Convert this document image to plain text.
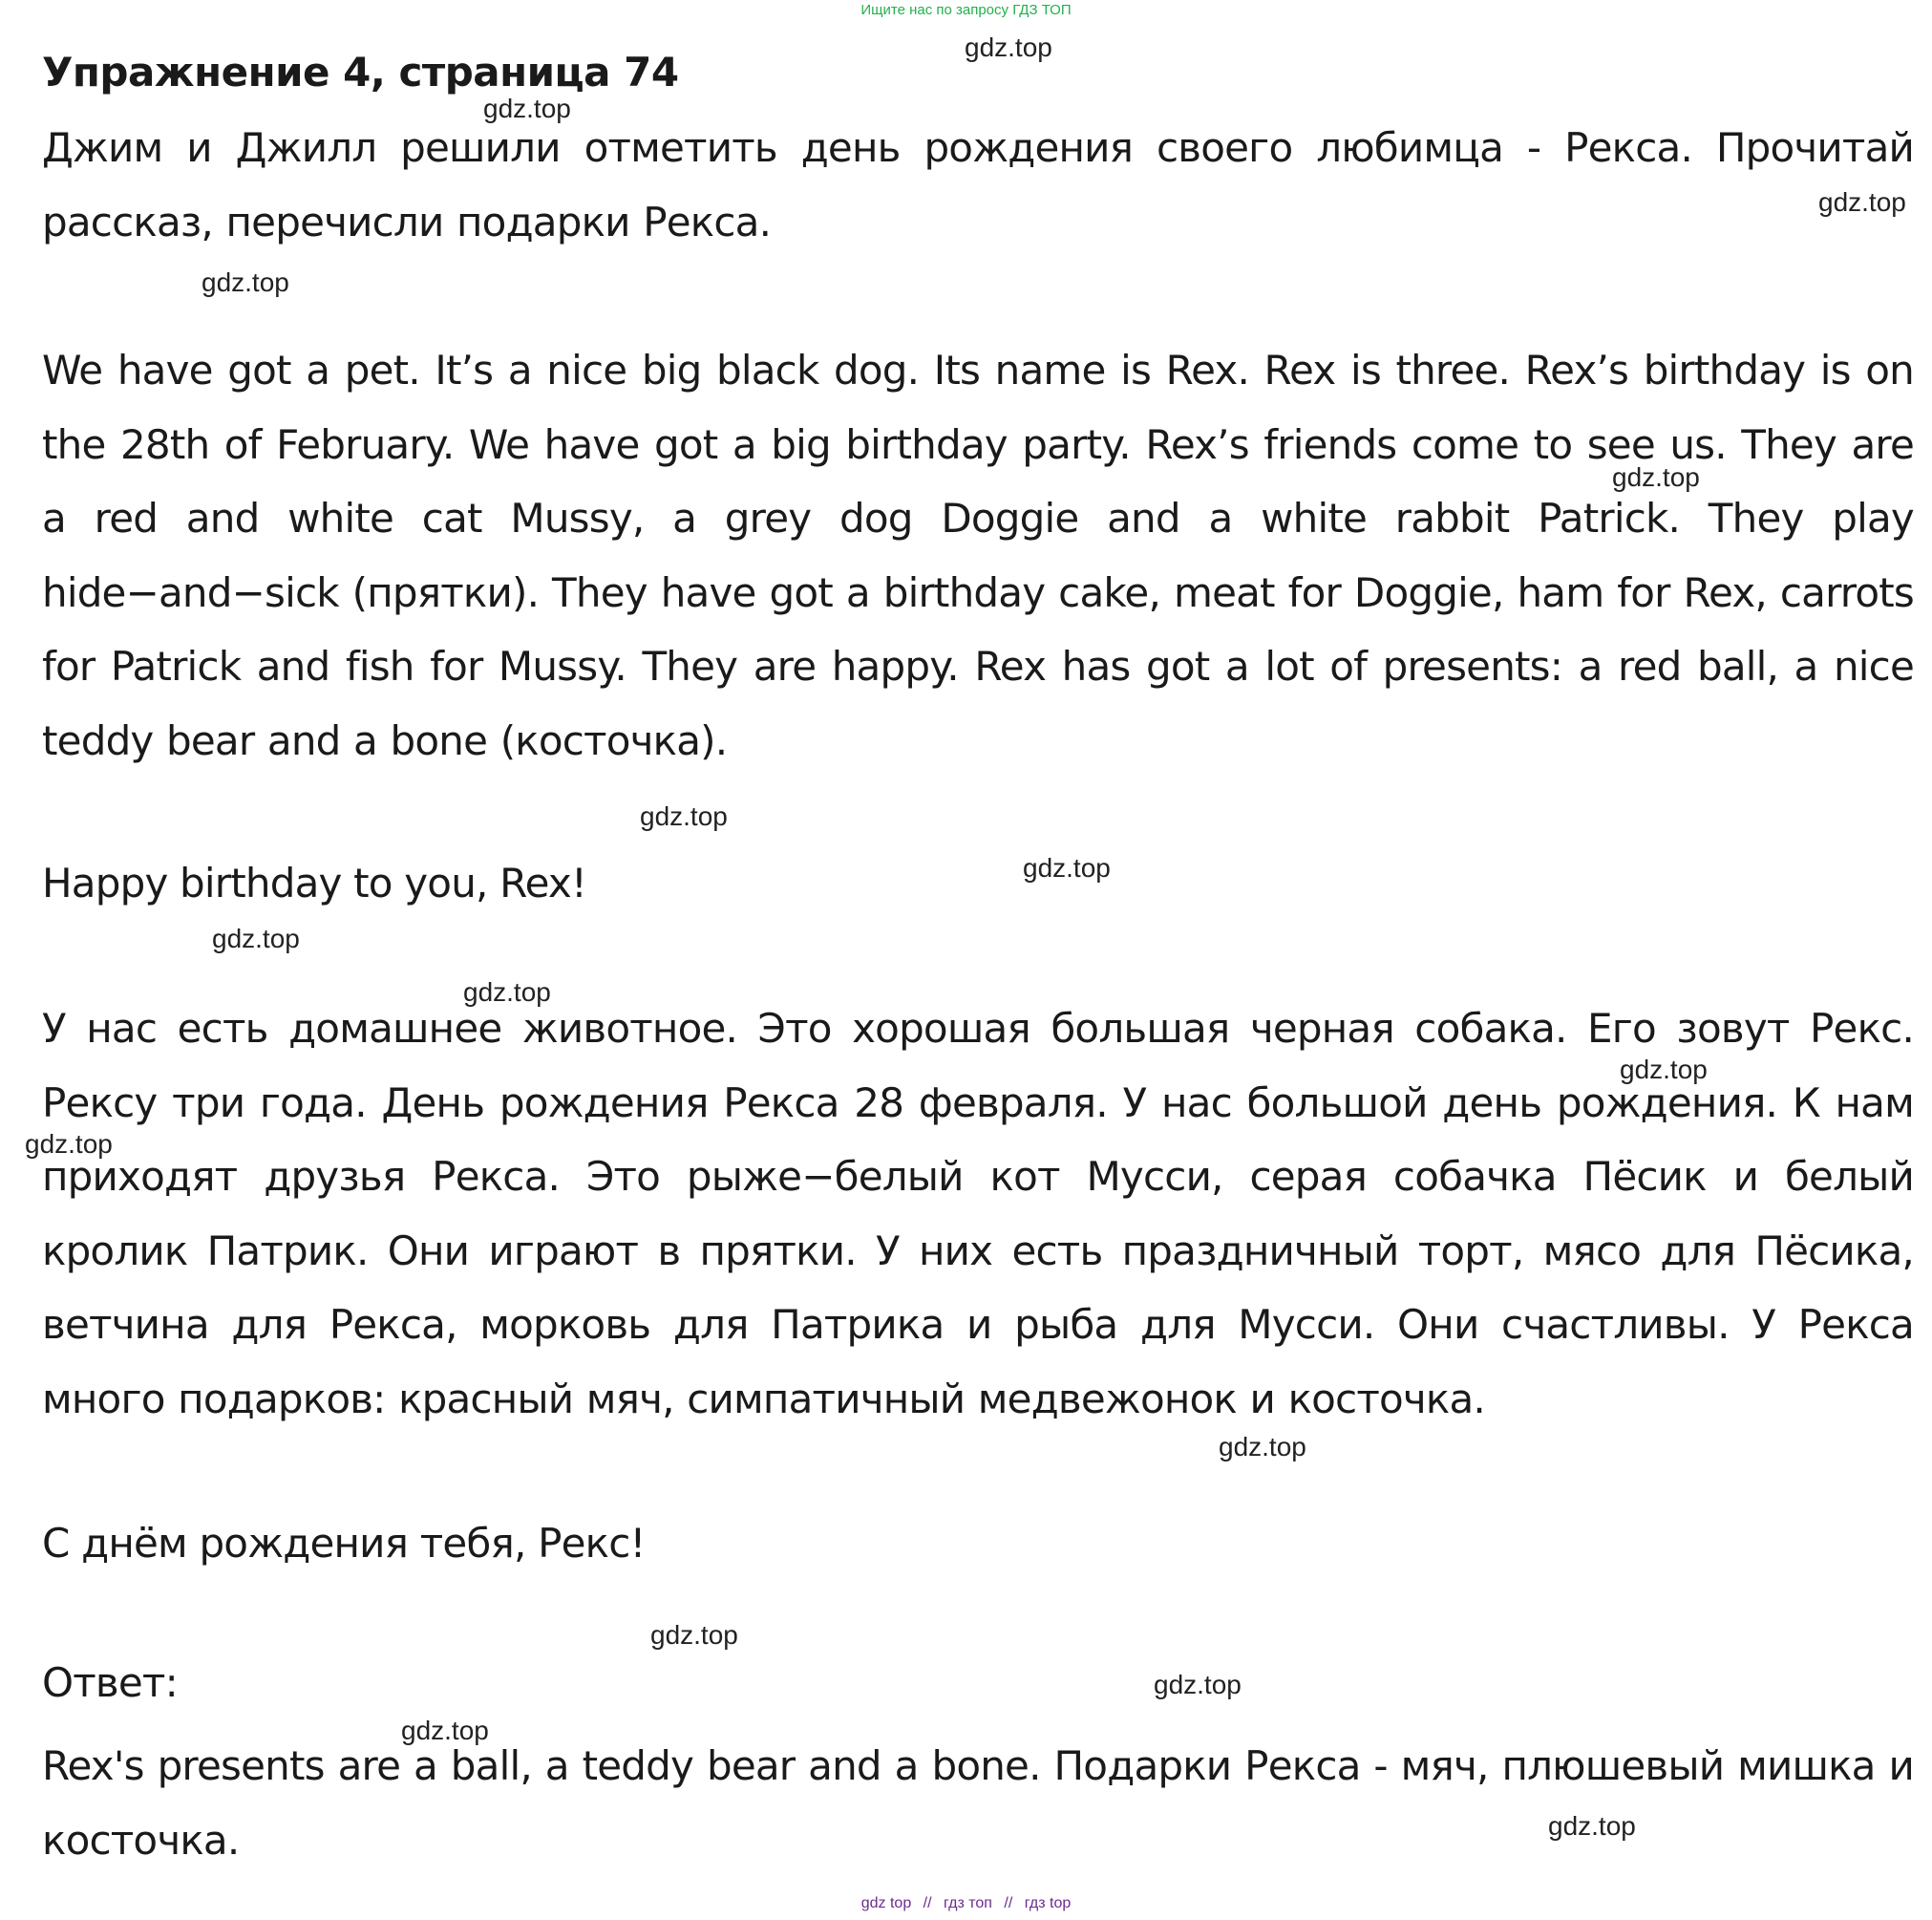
Ищите нас по запросу ГДЗ ТОП
Упражнение 4, страница 74

Джим и Джилл решили отметить день рождения своего любимца - Рекса. Прочитай рассказ, перечисли подарки Рекса.

We have got a pet. It’s a nice big black dog. Its name is Rex. Rex is three. Rex’s birthday is on the 28th of February. We have got a big birthday party. Rex’s friends come to see us. They are a red and white cat Mussy, a grey dog Doggie and a white rabbit Patrick. They play hide−and−sick (прятки). They have got a birthday cake, meat for Doggie, ham for Rex, carrots for Patrick and fish for Mussy. They are happy. Rex has got a lot of presents: a red ball, a nice teddy bear and a bone (косточка).

Happy birthday to you, Rex!

У нас есть домашнее животное. Это хорошая большая черная собака. Его зовут Рекс. Рексу три года. День рождения Рекса 28 февраля. У нас большой день рождения. К нам приходят друзья Рекса. Это рыже−белый кот Мусси, серая собачка Пёсик и белый кролик Патрик. Они играют в прятки. У них есть праздничный торт, мясо для Пёсика, ветчина для Рекса, морковь для Патрика и рыба для Мусси. Они счастливы. У Рекса много подарков: красный мяч, симпатичный медвежонок и косточка.

С днём рождения тебя, Рекс!

Ответ:

Rex's presents are a ball, a teddy bear and a bone. Подарки Рекса - мяч, плюшевый мишка и косточка.

gdz.top
gdz.top
gdz.top
gdz.top
gdz.top
gdz.top
gdz.top
gdz.top
gdz.top
gdz.top
gdz.top
gdz.top
gdz.top
gdz.top
gdz.top
gdz.top
gdz top // гдз топ // гдз top
